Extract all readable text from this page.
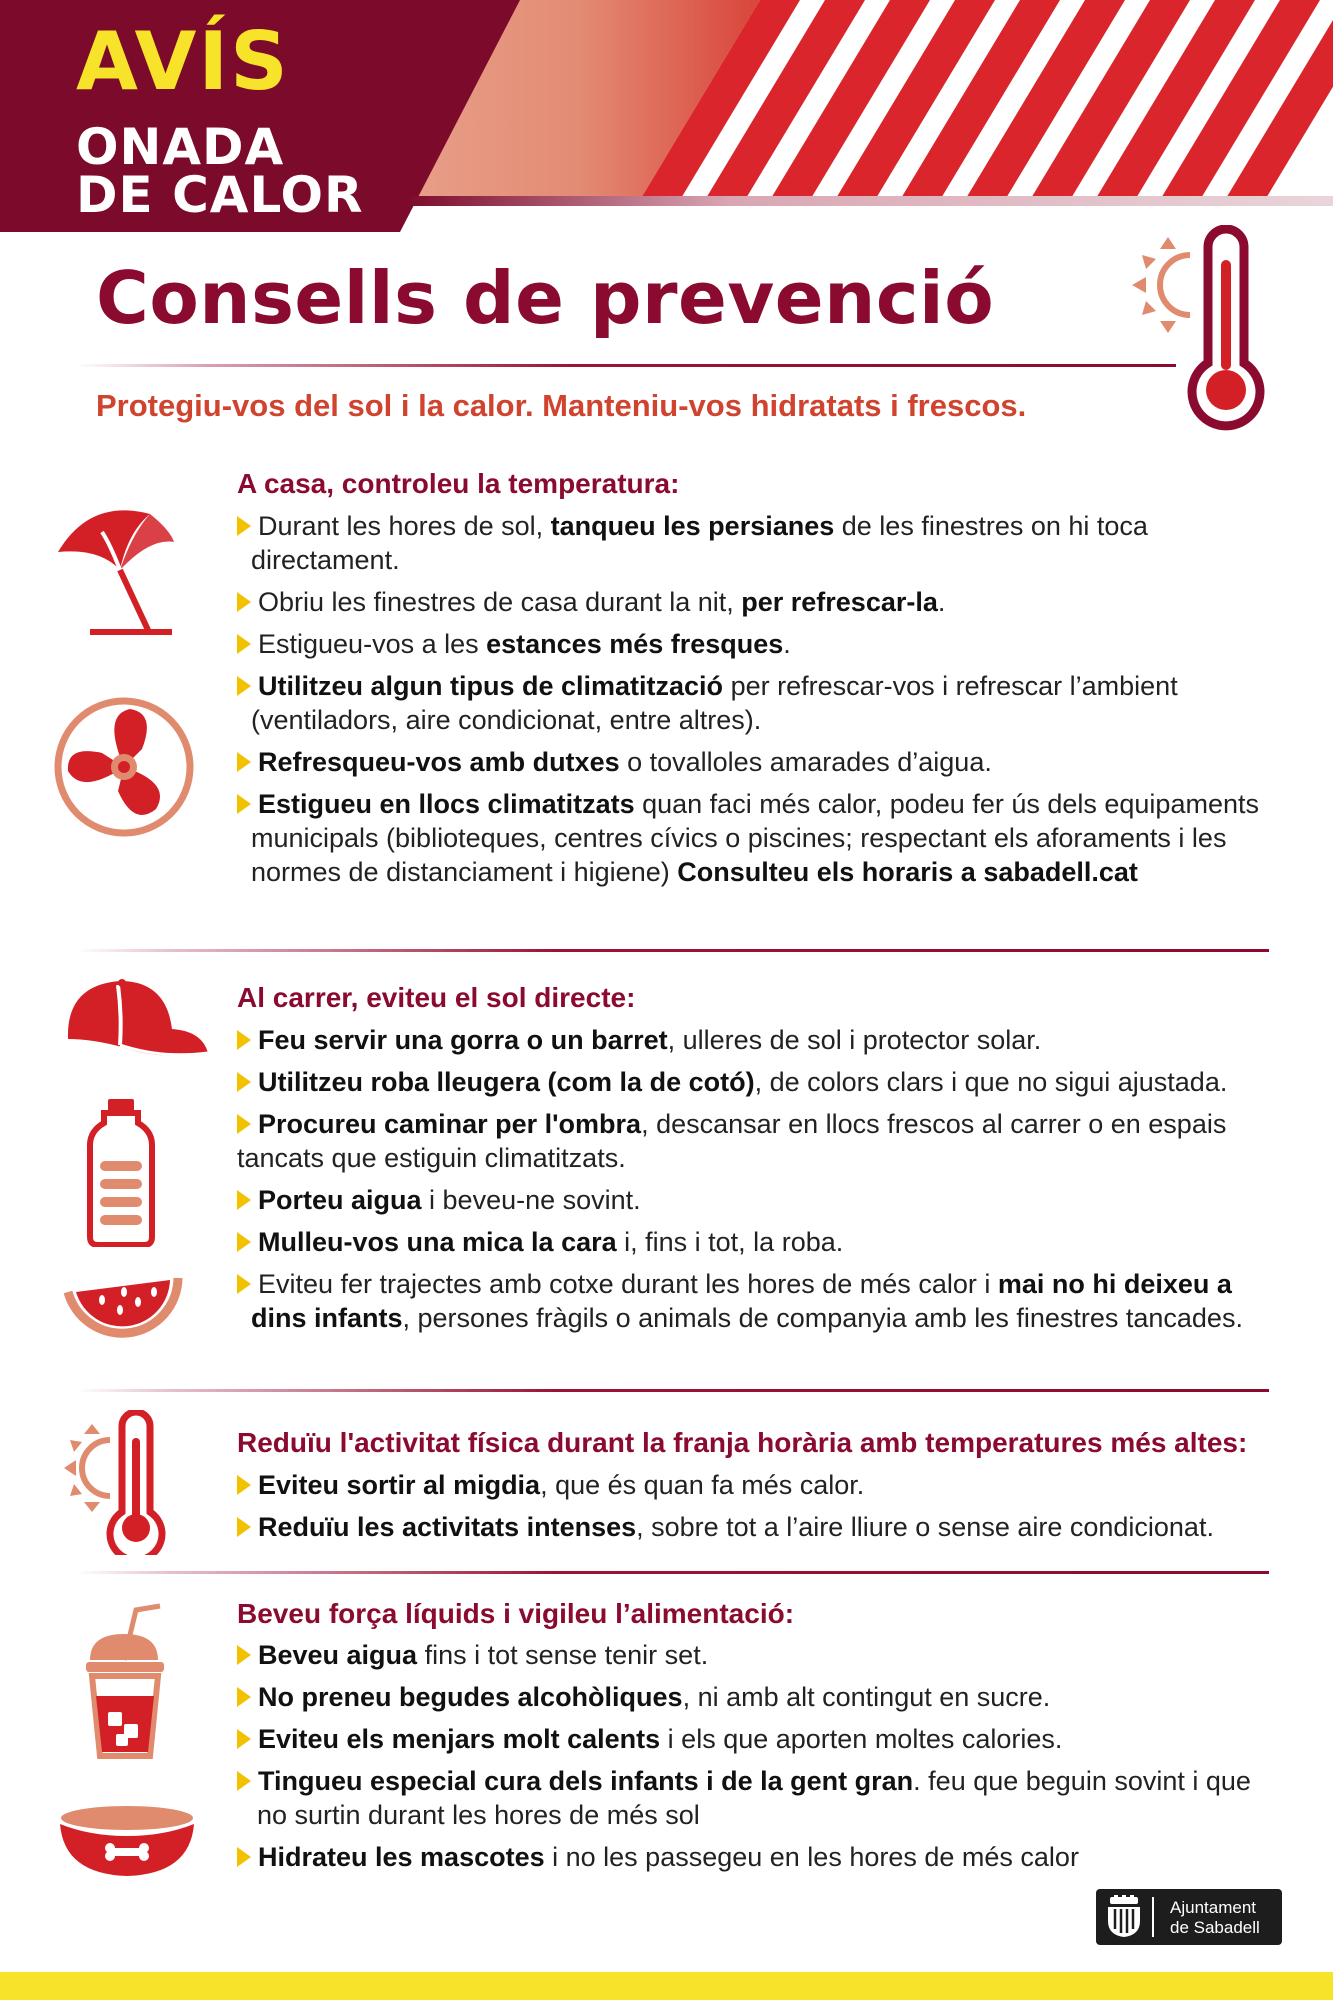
AVÍS
ONADA
DE CALOR
Consells de prevenció
Protegiu-vos del sol i la calor. Manteniu-vos hidratats i frescos.
A casa, controleu la temperatura:
Durant les hores de sol, tanqueu les persianes de les finestres on hi toca directament.
Obriu les finestres de casa durant la nit, per refrescar-la.
Estigueu-vos a les estances més fresques.
Utilitzeu algun tipus de climatització per refrescar-vos i refrescar l’ambient (ventiladors, aire condicionat, entre altres).
Refresqueu-vos amb dutxes o tovalloles amarades d’aigua.
Estigueu en llocs climatitzats quan faci més calor, podeu fer ús dels equipaments municipals (biblioteques, centres cívics o piscines; respectant els aforaments i les normes de distanciament i higiene) Consulteu els horaris a sabadell.cat
Al carrer, eviteu el sol directe:
Feu servir una gorra o un barret, ulleres de sol i protector solar.
Utilitzeu roba lleugera (com la de cotó), de colors clars i que no sigui ajustada.
Procureu caminar per l'ombra, descansar en llocs frescos al carrer o en espais tancats que estiguin climatitzats.
Porteu aigua i beveu-ne sovint.
Mulleu-vos una mica la cara i, fins i tot, la roba.
Eviteu fer trajectes amb cotxe durant les hores de més calor i mai no hi deixeu a dins infants, persones fràgils o animals de companyia amb les finestres tancades.
Reduïu l'activitat física durant la franja horària amb temperatures més altes:
Eviteu sortir al migdia, que és quan fa més calor.
Reduïu les activitats intenses, sobre tot a l’aire lliure o sense aire condicionat.
Beveu força líquids i vigileu l’alimentació:
Beveu aigua fins i tot sense tenir set.
No preneu begudes alcohòliques, ni amb alt contingut en sucre.
Eviteu els menjars molt calents i els que aporten moltes calories.
Tingueu especial cura dels infants i de la gent gran. feu que beguin sovint i que no surtin durant les hores de més sol
Hidrateu les mascotes i no les passegeu en les hores de més calor
Ajuntament
de Sabadell
